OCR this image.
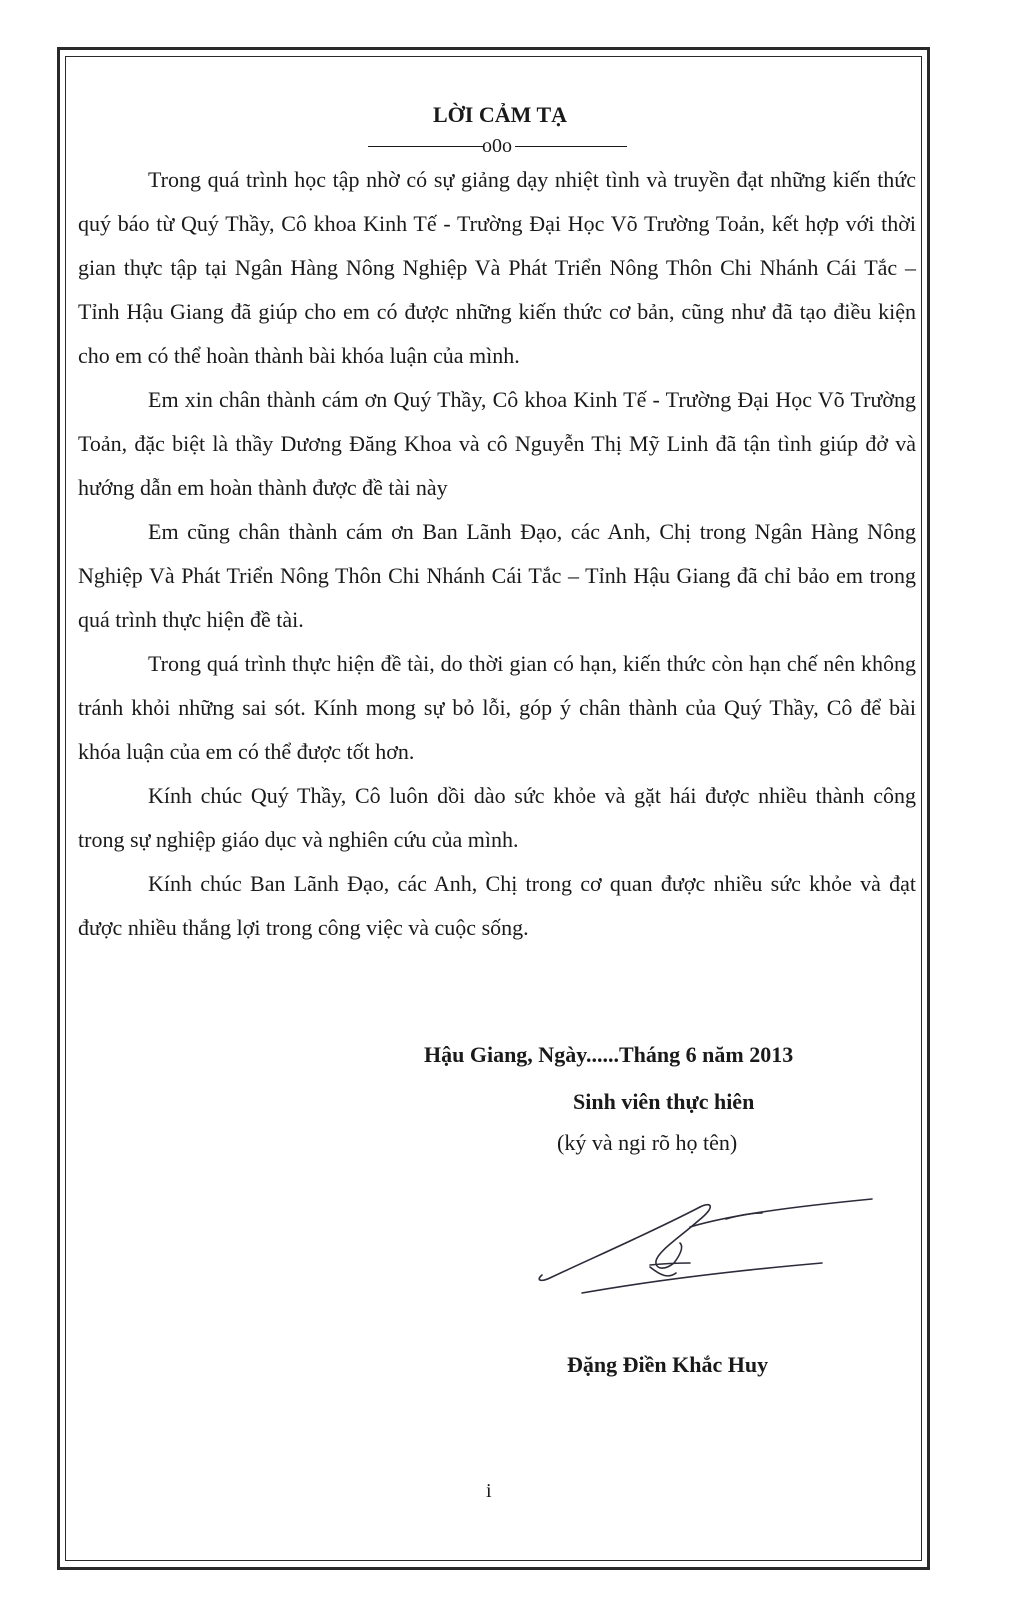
LỜI CẢM TẠ
o0o

Trong quá trình học tập nhờ có sự giảng dạy nhiệt tình và truyền đạt những kiến thức quý báo từ Quý Thầy, Cô khoa Kinh Tế - Trường Đại Học Võ Trường Toản, kết hợp với thời gian thực tập tại Ngân Hàng Nông Nghiệp Và Phát Triển Nông Thôn Chi Nhánh Cái Tắc – Tỉnh Hậu Giang đã giúp cho em có được những kiến thức cơ bản, cũng như đã tạo điều kiện cho em có thể hoàn thành bài khóa luận của mình.

Em xin chân thành cám ơn Quý Thầy, Cô khoa Kinh Tế - Trường Đại Học Võ Trường Toản, đặc biệt là thầy Dương Đăng Khoa và cô Nguyễn Thị Mỹ Linh đã tận tình giúp đở và hướng dẫn em hoàn thành được đề tài này

Em cũng chân thành cám ơn Ban Lãnh Đạo, các Anh, Chị trong Ngân Hàng Nông Nghiệp Và Phát Triển Nông Thôn Chi Nhánh Cái Tắc – Tỉnh Hậu Giang đã chỉ bảo em trong quá trình thực hiện đề tài.

Trong quá trình thực hiện đề tài, do thời gian có hạn, kiến thức còn hạn chế nên không tránh khỏi những sai sót. Kính mong sự bỏ lỗi, góp ý chân thành của Quý Thầy, Cô để bài khóa luận của em có thể được tốt hơn.

Kính chúc Quý Thầy, Cô luôn dồi dào sức khỏe và gặt hái được nhiều thành công trong sự nghiệp giáo dục và nghiên cứu của mình.

Kính chúc Ban Lãnh Đạo, các Anh, Chị trong cơ quan được nhiều sức khỏe và đạt được nhiều thắng lợi trong công việc và cuộc sống.

Hậu Giang, Ngày......Tháng 6 năm 2013
Sinh viên thực hiên
(ký và ngi rõ họ tên)
Đặng Điền Khắc Huy
i
